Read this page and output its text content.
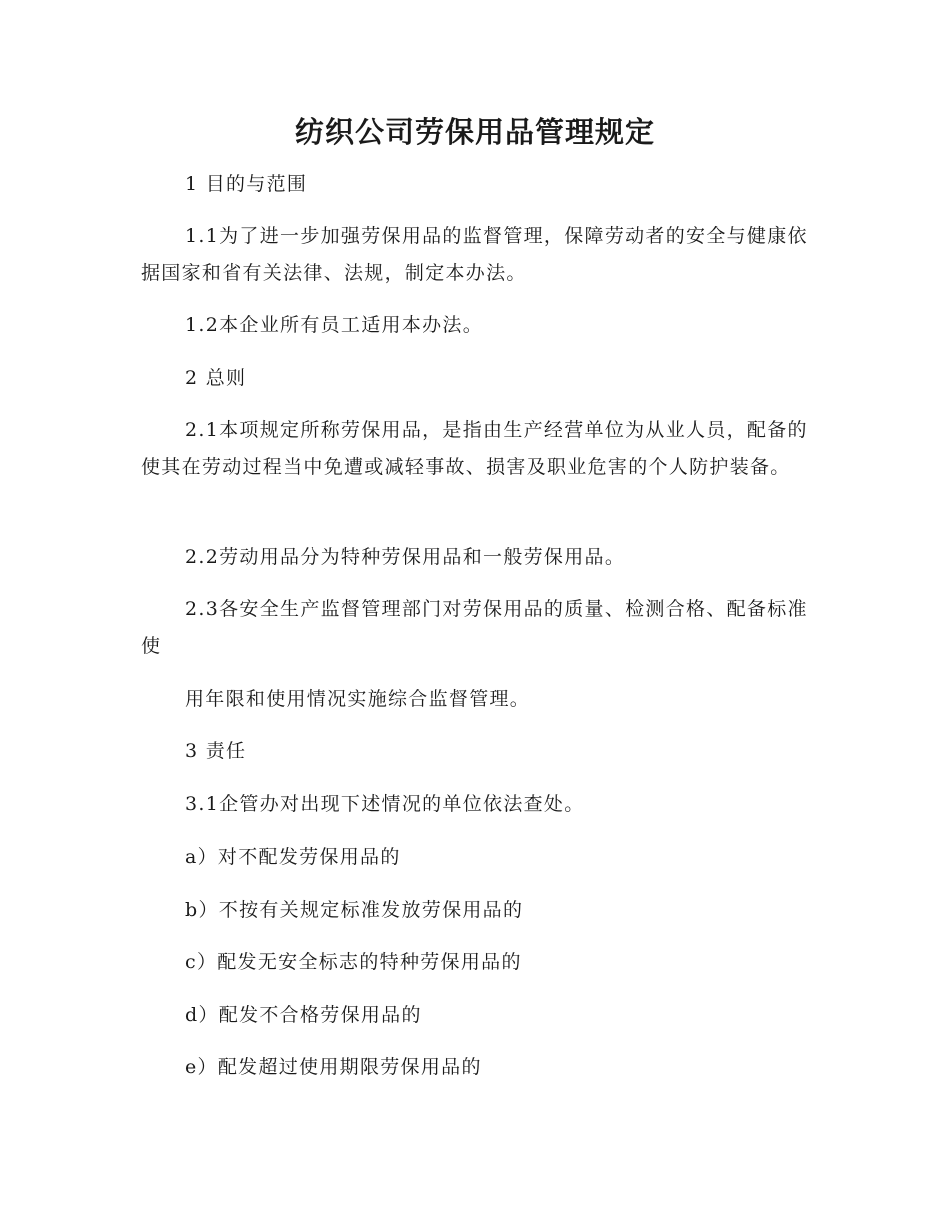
纺织公司劳保用品管理规定

1 目的与范围

1.1为了进一步加强劳保用品的监督管理，保障劳动者的安全与健康依据国家和省有关法律、法规，制定本办法。

1.2本企业所有员工适用本办法。

2 总则

2.1本项规定所称劳保用品，是指由生产经营单位为从业人员，配备的使其在劳动过程当中免遭或减轻事故、损害及职业危害的个人防护装备。

2.2劳动用品分为特种劳保用品和一般劳保用品。

2.3各安全生产监督管理部门对劳保用品的质量、检测合格、配备标准使

用年限和使用情况实施综合监督管理。

3 责任

3.1企管办对出现下述情况的单位依法查处。

a）对不配发劳保用品的

b）不按有关规定标准发放劳保用品的

c）配发无安全标志的特种劳保用品的

d）配发不合格劳保用品的

e）配发超过使用期限劳保用品的
